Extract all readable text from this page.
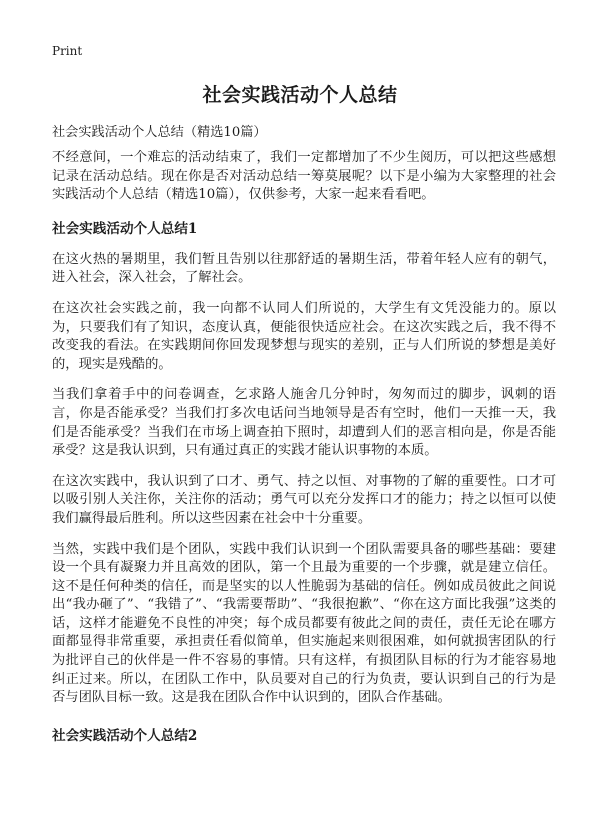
Print
社会实践活动个人总结
社会实践活动个人总结（精选10篇）

不经意间，一个难忘的活动结束了，我们一定都增加了不少生阅历，可以把这些感想记录在活动总结。现在你是否对活动总结一筹莫展呢？以下是小编为大家整理的社会实践活动个人总结（精选10篇），仅供参考，大家一起来看看吧。

社会实践活动个人总结1

在这火热的暑期里，我们暂且告别以往那舒适的暑期生活，带着年轻人应有的朝气，进入社会，深入社会，了解社会。

在这次社会实践之前，我一向都不认同人们所说的，大学生有文凭没能力的。原以为，只要我们有了知识，态度认真，便能很快适应社会。在这次实践之后，我不得不改变我的看法。在实践期间你回发现梦想与现实的差别，正与人们所说的梦想是美好的，现实是残酷的。

当我们拿着手中的问卷调查，乞求路人施舍几分钟时，匆匆而过的脚步，讽刺的语言，你是否能承受？当我们打多次电话问当地领导是否有空时，他们一天推一天，我们是否能承受？当我们在市场上调查拍下照时，却遭到人们的恶言相向是，你是否能承受？这是我认识到，只有通过真正的实践才能认识事物的本质。

在这次实践中，我认识到了口才、勇气、持之以恒、对事物的了解的重要性。口才可以吸引别人关注你，关注你的活动；勇气可以充分发挥口才的能力；持之以恒可以使我们赢得最后胜利。所以这些因素在社会中十分重要。

当然，实践中我们是个团队，实践中我们认识到一个团队需要具备的哪些基础：要建设一个具有凝聚力并且高效的团队，第一个且最为重要的一个步骤，就是建立信任。这不是任何种类的信任，而是坚实的以人性脆弱为基础的信任。例如成员彼此之间说出“我办砸了”、“我错了”、“我需要帮助”、“我很抱歉”、“你在这方面比我强”这类的话，这样才能避免不良性的冲突；每个成员都要有彼此之间的责任，责任无论在哪方面都显得非常重要，承担责任看似简单，但实施起来则很困难，如何就损害团队的行为批评自己的伙伴是一件不容易的事情。只有这样，有损团队目标的行为才能容易地纠正过来。所以，在团队工作中，队员要对自己的行为负责，要认识到自己的行为是否与团队目标一致。这是我在团队合作中认识到的，团队合作基础。

社会实践活动个人总结2
